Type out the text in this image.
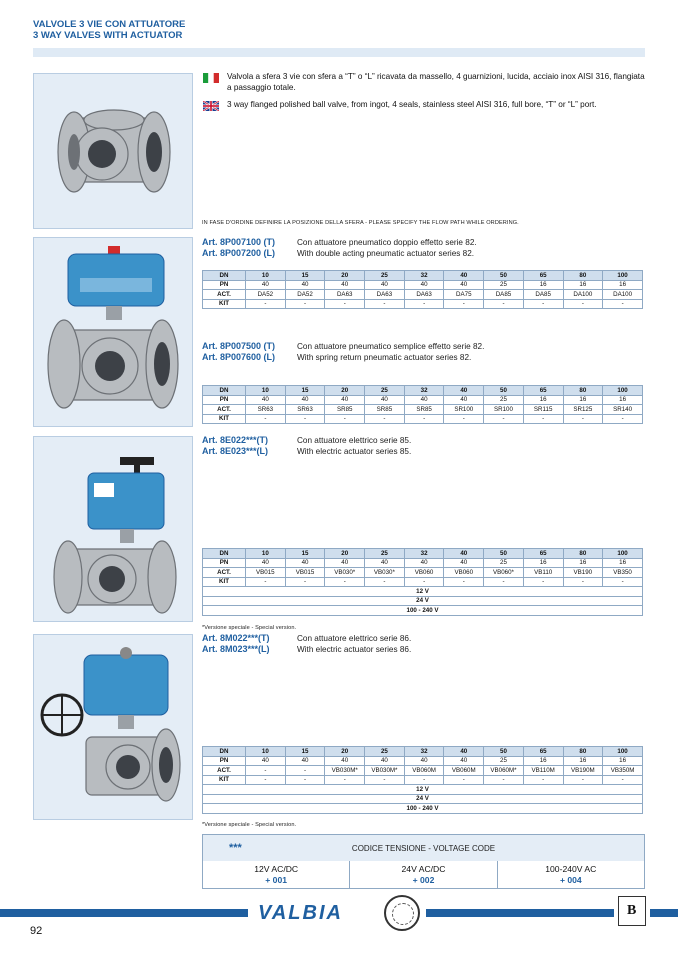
VALVOLE 3 VIE CON ATTUATORE
3 WAY VALVES WITH ACTUATOR
Valvola a sfera 3 vie con sfera a “T” o “L” ricavata da massello, 4 guarnizioni, lucida, acciaio inox AISI 316, flangiata a passaggio totale.
3 way flanged polished ball valve, from ingot, 4 seals, stainless steel AISI 316, full bore, “T” or “L” port.
IN FASE D'ORDINE DEFINIRE LA POSIZIONE DELLA SFERA - PLEASE SPECIFY THE FLOW PATH WHILE ORDERING.
Art. 8P007100 (T)
Art. 8P007200 (L)
Con attuatore pneumatico doppio effetto serie 82.
With double acting pneumatic actuator series 82.
DN	10	15	20	25	32	40	50	65	80	100
PN	40	40	40	40	40	40	25	16	16	16
ACT.	DA52	DA52	DA63	DA63	DA63	DA75	DA85	DA85	DA100	DA100
KIT	-	-	-	-	-	-	-	-	-	-
Art. 8P007500 (T)
Art. 8P007600 (L)
Con attuatore pneumatico semplice effetto serie 82.
With spring return pneumatic actuator series 82.
DN	10	15	20	25	32	40	50	65	80	100
PN	40	40	40	40	40	40	25	16	16	16
ACT.	SR63	SR63	SR85	SR85	SR85	SR100	SR100	SR115	SR125	SR140
KIT	-	-	-	-	-	-	-	-	-	-
Art. 8E022***(T)
Art. 8E023***(L)
Con attuatore elettrico serie 85.
With electric actuator series 85.
DN	10	15	20	25	32	40	50	65	80	100
PN	40	40	40	40	40	40	25	16	16	16
ACT.	VB015	VB015	VB030*	VB030*	VB060	VB060	VB060*	VB110	VB190	VB350
KIT	-	-	-	-	-	-	-	-	-	-
12 V										
24 V										
100 - 240 V										
*Versione speciale - Special version.
Art. 8M022***(T)
Art. 8M023***(L)
Con attuatore elettrico serie 86.
With electric actuator series 86.
DN	10	15	20	25	32	40	50	65	80	100
PN	40	40	40	40	40	40	25	16	16	16
ACT.	-	-	VB030M*	VB030M*	VB060M	VB060M	VB060M*	VB110M	VB190M	VB350M
KIT	-	-	-	-	-	-	-	-	-	-
12 V										
24 V										
100 - 240 V										
*Versione speciale - Special version.
***	CODICE TENSIONE - VOLTAGE CODE
12V AC/DC
+ 001
24V AC/DC
+ 002
100-240V AC
+ 004
VALBIA	B
92
